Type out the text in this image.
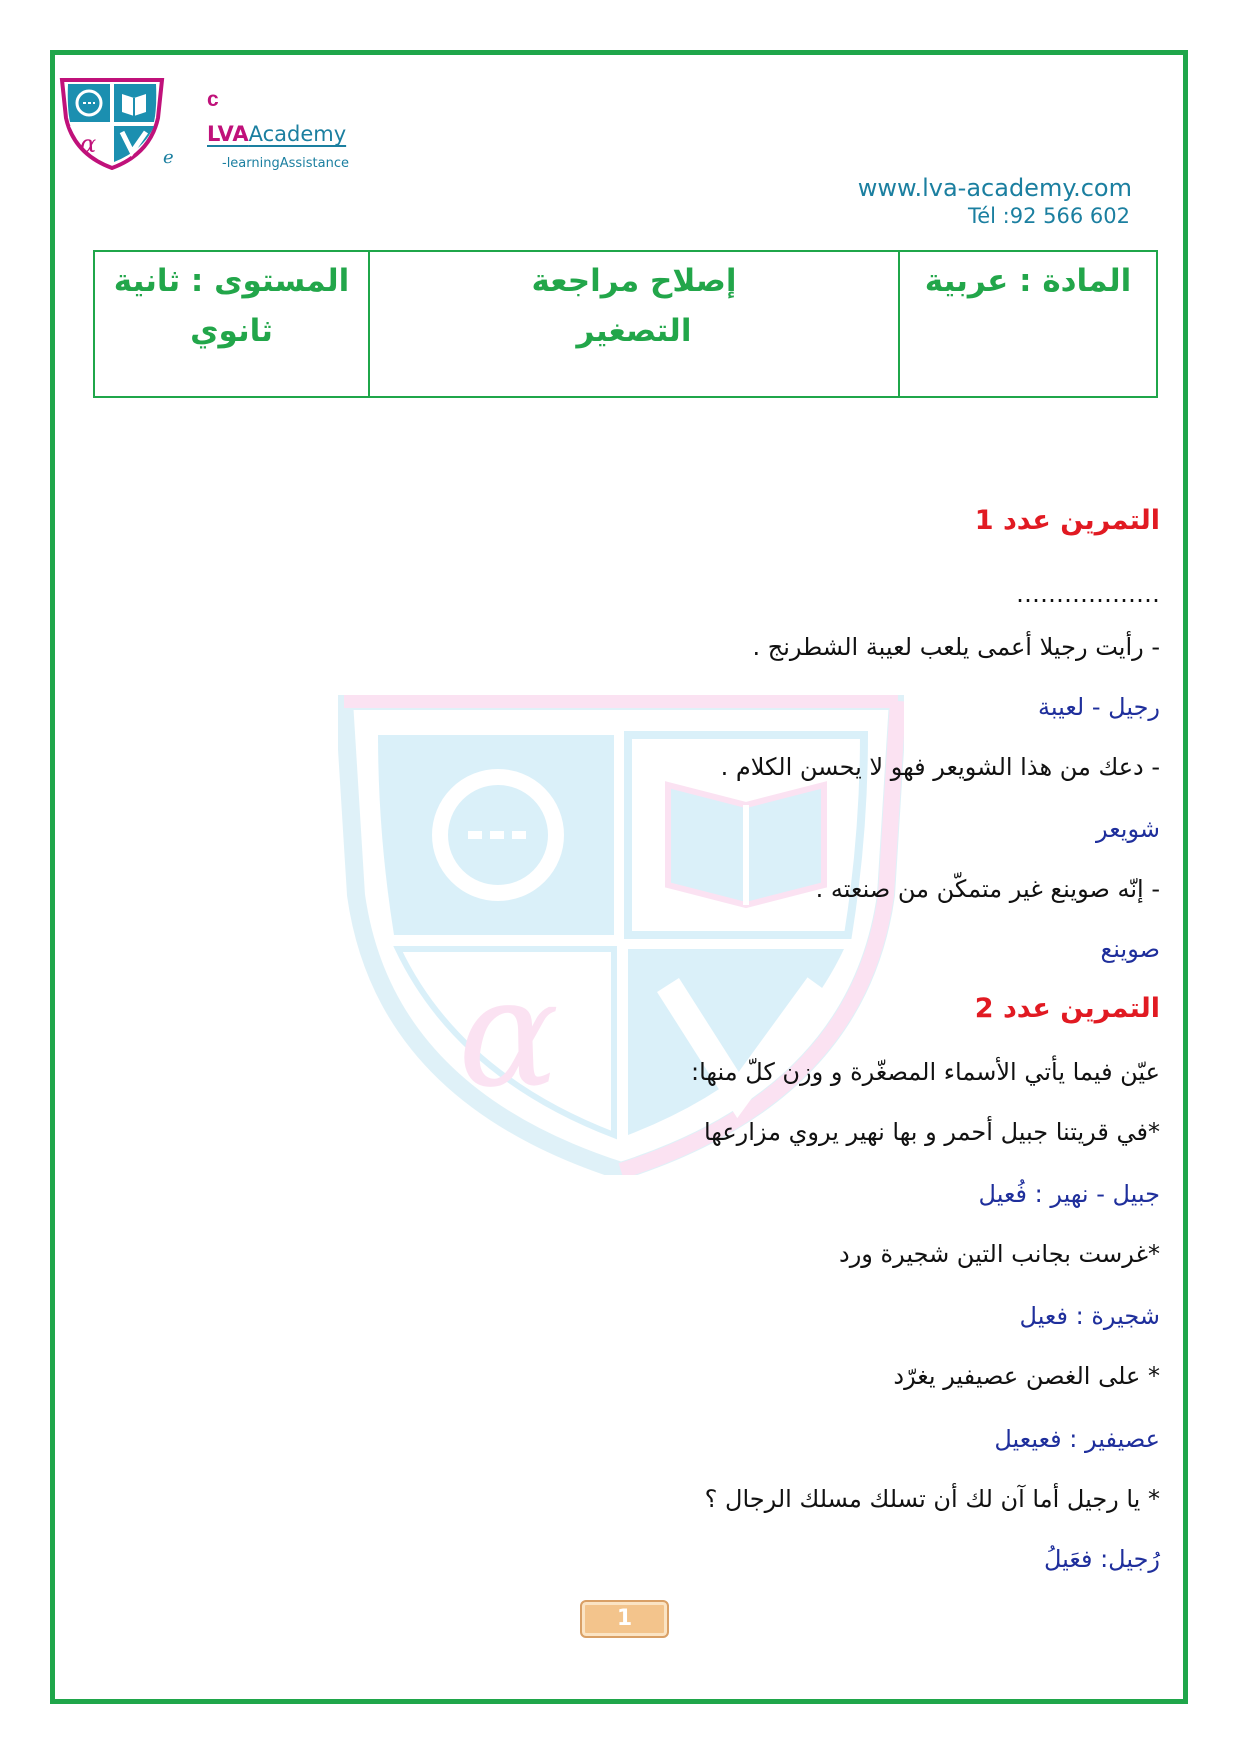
α
c
LVAAcademy
e	-learningAssistance
www.lva-academy.com
Tél :92 566 602
المادة : عربية
إصلاح مراجعة
التصغير
المستوى : ثانية
ثانوي
α
التمرين عدد 1
………………
- رأيت رجيلا أعمى يلعب لعيبة الشطرنج .
رجيل - لعيبة
- دعك من هذا الشويعر فهو لا يحسن الكلام .
شويعر
- إنّه صوينع غير متمكّن من صنعته .
صوينع
التمرين عدد 2
عيّن فيما يأتي الأسماء المصغّرة و وزن كلّ منها:
*في قريتنا جبيل أحمر و بها نهير يروي مزارعها
جبيل - نهير : فُعيل
*غرست بجانب التين شجيرة ورد
شجيرة : فعيل
* على الغصن عصيفير يغرّد
عصيفير : فعيعيل
* يا رجيل أما آن لك أن تسلك مسلك الرجال ؟
رُجيل: فعَيلُ
1
